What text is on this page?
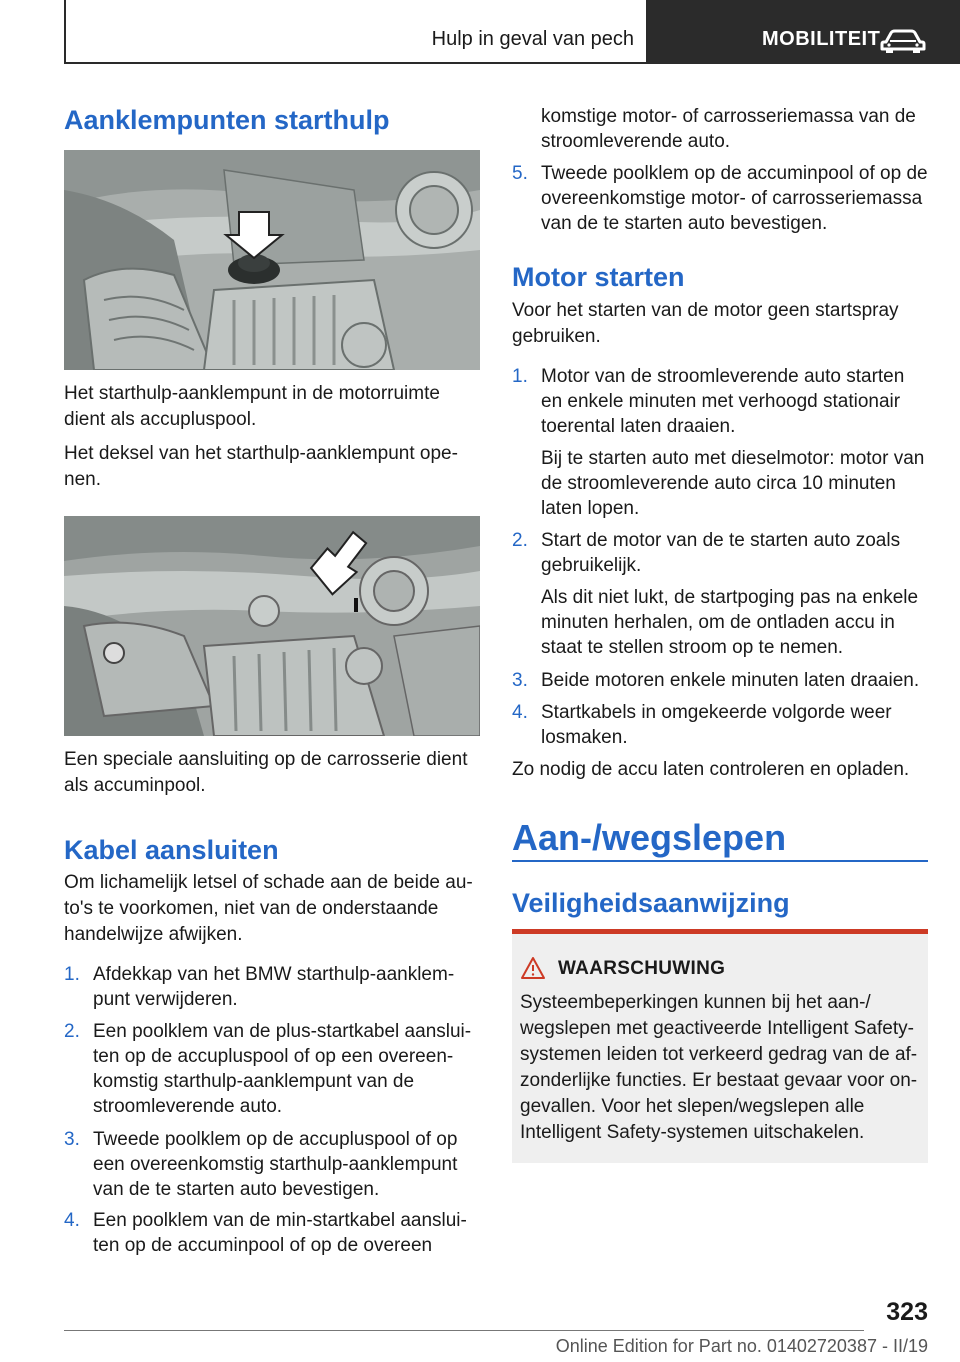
Hulp in geval van pech	MOBILITEIT
Aanklempunten starthulp

Het starthulp-aanklempunt in de motorruimte dient als accupluspool.

Het deksel van het starthulp-aanklempunt openen.

Een speciale aansluiting op de carrosserie dient als accuminpool.

Kabel aansluiten

Om lichamelijk letsel of schade aan de beide auto's te voorkomen, niet van de onderstaande handelwijze afwijken.

1. Afdekkap van het BMW starthulp-aanklempunt verwijderen.
2. Een poolklem van de plus-startkabel aansluiten op de accupluspool of op een overeenkomstig starthulp-aanklempunt van de stroomleverende auto.
3. Tweede poolklem op de accupluspool of op een overeenkomstig starthulp-aanklempunt van de te starten auto bevestigen.
4. Een poolklem van de min-startkabel aansluiten op de accuminpool of op de overeen
komstige motor- of carrosseriemassa van de stroomleverende auto.
5. Tweede poolklem op de accuminpool of op de overeenkomstige motor- of carrosseriemassa van de te starten auto bevestigen.
Motor starten

Voor het starten van de motor geen startspray gebruiken.

1. Motor van de stroomleverende auto starten en enkele minuten met verhoogd stationair toerental laten draaien.
Bij te starten auto met dieselmotor: motor van de stroomleverende auto circa 10 minuten laten lopen.
2. Start de motor van de te starten auto zoals gebruikelijk.
Als dit niet lukt, de startpoging pas na enkele minuten herhalen, om de ontladen accu in staat te stellen stroom op te nemen.
3. Beide motoren enkele minuten laten draaien.
4. Startkabels in omgekeerde volgorde weer losmaken.

Zo nodig de accu laten controleren en opladen.

Aan-/wegslepen
Veiligheidsaanwijzing
WAARSCHUWING
Systeembeperkingen kunnen bij het aan-/ wegslepen met geactiveerde Intelligent Safety-systemen leiden tot verkeerd gedrag van de afzonderlijke functies. Er bestaat gevaar voor ongevallen. Voor het slepen/wegslepen alle Intelligent Safety-systemen uitschakelen.
323
Online Edition for Part no. 01402720387 - II/19
